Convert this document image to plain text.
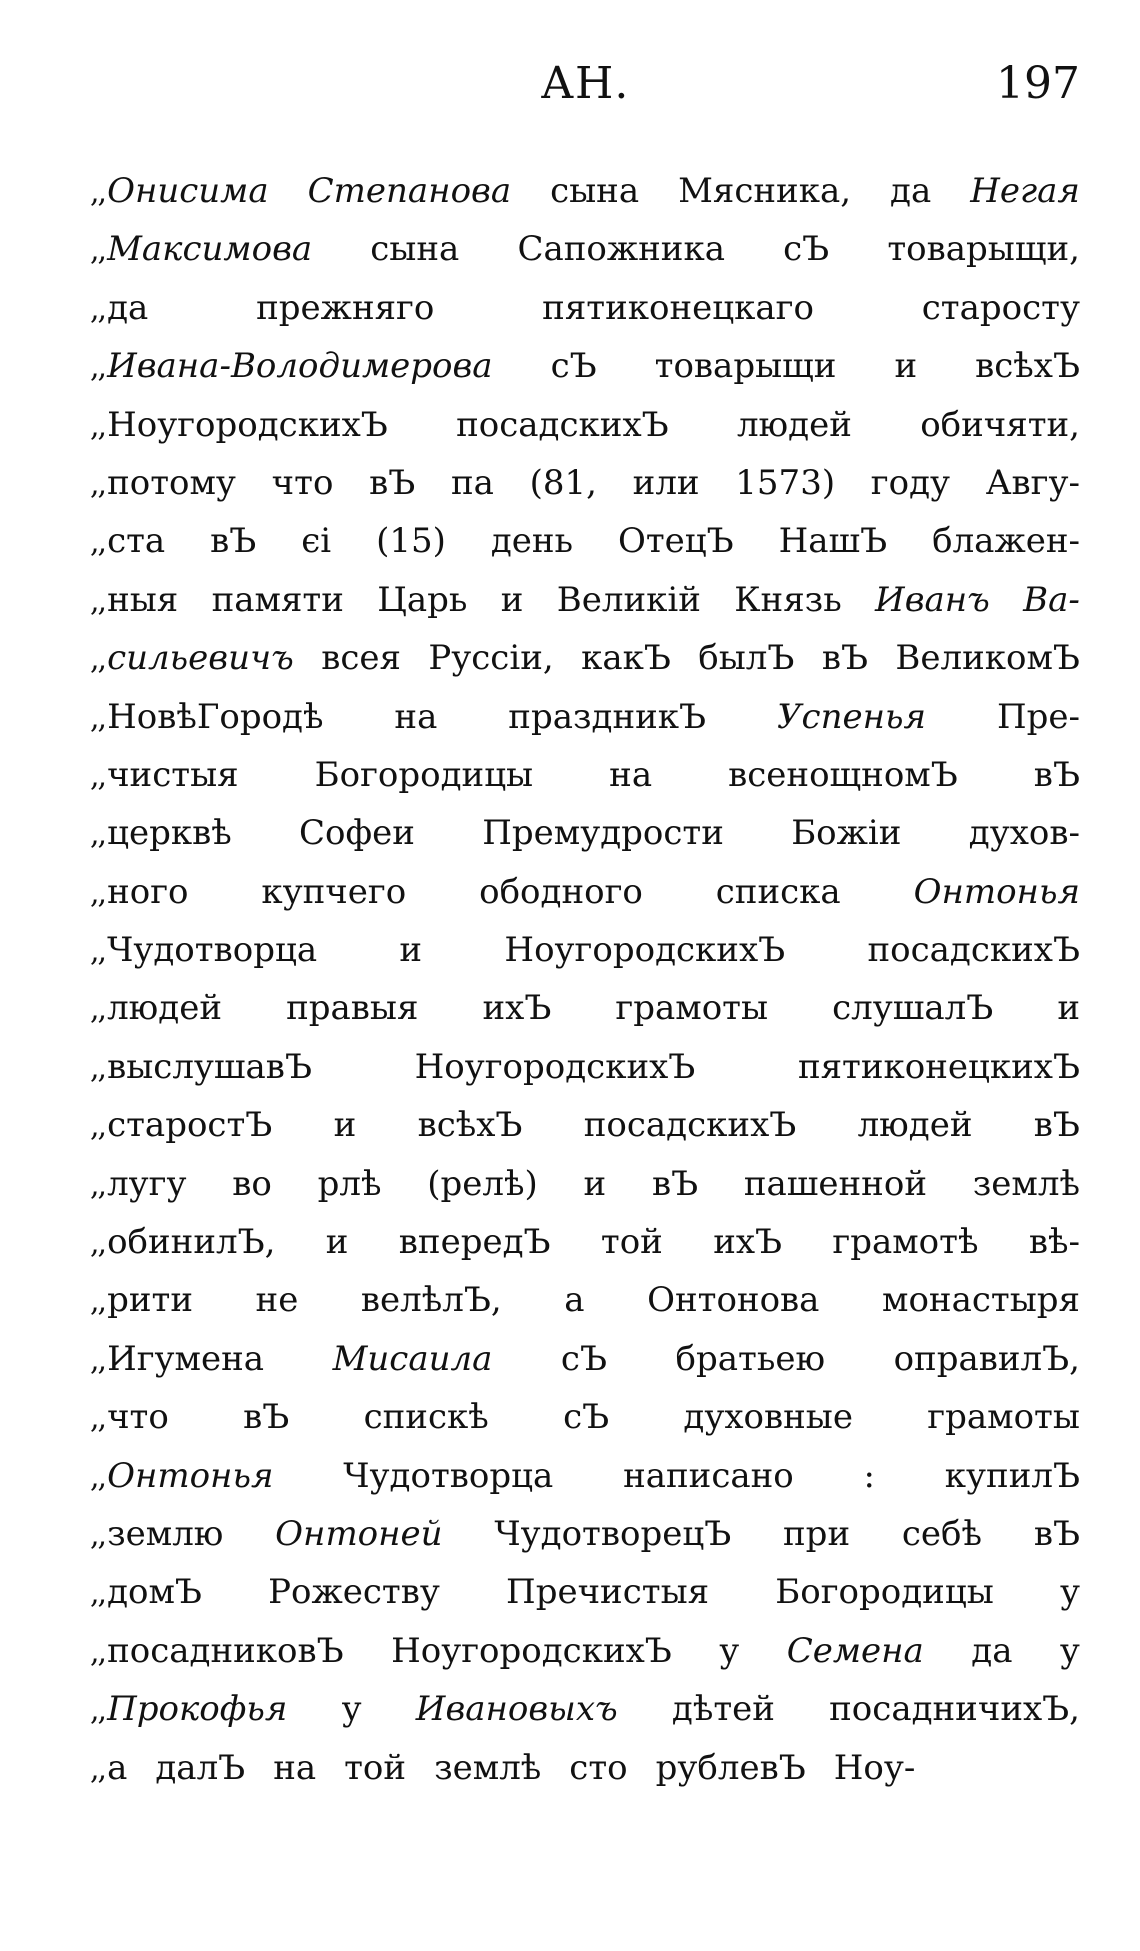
АН.	197
,,Онисима Степанова сына Мясника, да Негая
,,Максимова сына Сапожника сЪ товарыщи,
,,да	прежняго	пятиконецкаго	старосту
,,Ивана-Володимерова сЪ товарыщи и всѣхЪ
,,НоугородскихЪ посадскихЪ людей обичяти,
,,потому что вЪ па (81, или 1573) году Авгу-
,,ста вЪ єі (15) день ОтецЪ НашЪ блажен-
,,ныя памяти Царь и Великій Князь Иванъ Ва-
,,сильевичъ всея Руссіи, какЪ былЪ вЪ ВеликомЪ
,,НовѣГородѣ на праздникЪ Успенья Пре-
,,чистыя Богородицы на всенощномЪ вЪ
,,церквѣ Софеи Премудрости Божіи духов-
,,ного купчего ободного списка Онтонья
,,Чудотворца и НоугородскихЪ посадскихЪ
,,людей правыя ихЪ грамоты слушалЪ и
,,выслушавЪ	НоугородскихЪ	пятиконецкихЪ
,,старостЪ и всѣхЪ посадскихЪ людей вЪ
,,лугу во рлѣ (релѣ) и вЪ пашенной землѣ
,,обинилЪ, и впередЪ той ихЪ грамотѣ вѣ-
,,рити не велѣлЪ, а Онтонова монастыря
,,Игумена Мисаила сЪ братьею оправилЪ,
,,что вЪ спискѣ сЪ духовные грамоты
,,Онтонья Чудотворца написано : купилЪ
,,землю Онтоней ЧудотворецЪ при себѣ вЪ
,,домЪ Рожеству Пречистыя Богородицы у
,,посадниковЪ НоугородскихЪ у Семена да у
,,Прокофья у Ивановыхъ дѣтей посадничихЪ,
,,а далЪ на той землѣ сто рублевЪ Ноу-
